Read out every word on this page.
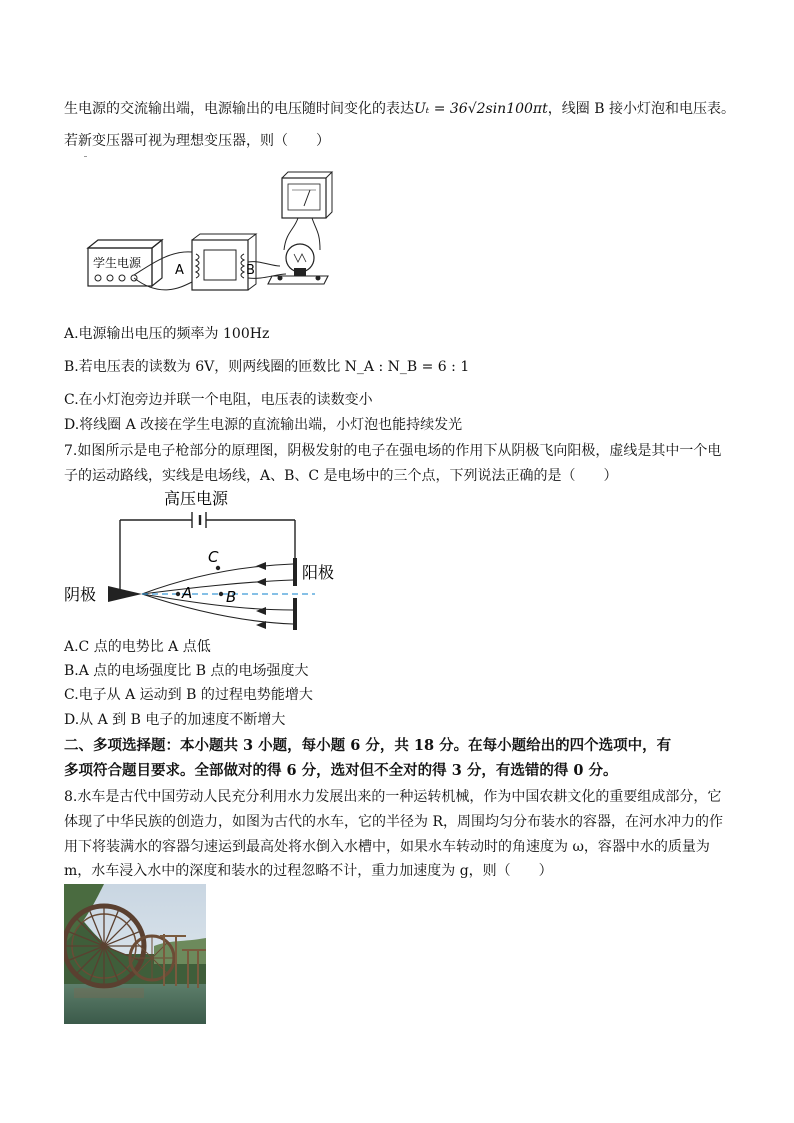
生电源的交流输出端，电源输出的电压随时间变化的表达Uₜ = 36√2sin100πt，线圈 B 接小灯泡和电压表。
若新变压器可视为理想变压器，则（　　）
学生电源	A	B
A.电源输出电压的频率为 100Hz
B.若电压表的读数为 6V，则两线圈的匝数比 N_A : N_B = 6 : 1
C.在小灯泡旁边并联一个电阻，电压表的读数变小
D.将线圈 A 改接在学生电源的直流输出端，小灯泡也能持续发光
7.如图所示是电子枪部分的原理图，阴极发射的电子在强电场的作用下从阴极飞向阳极，虚线是其中一个电
子的运动路线，实线是电场线，A、B、C 是电场中的三个点，下列说法正确的是（　　）
高压电源
阴极
阳极
C
A B
A.C 点的电势比 A 点低
B.A 点的电场强度比 B 点的电场强度大
C.电子从 A 运动到 B 的过程电势能增大
D.从 A 到 B 电子的加速度不断增大
二、多项选择题：本小题共 3 小题，每小题 6 分，共 18 分。在每小题给出的四个选项中，有
多项符合题目要求。全部做对的得 6 分，选对但不全对的得 3 分，有选错的得 0 分。
8.水车是古代中国劳动人民充分利用水力发展出来的一种运转机械，作为中国农耕文化的重要组成部分，它
体现了中华民族的创造力，如图为古代的水车，它的半径为 R，周围均匀分布装水的容器，在河水冲力的作
用下将装满水的容器匀速运到最高处将水倒入水槽中，如果水车转动时的角速度为 ω，容器中水的质量为
m，水车浸入水中的深度和装水的过程忽略不计，重力加速度为 g，则（　　）
